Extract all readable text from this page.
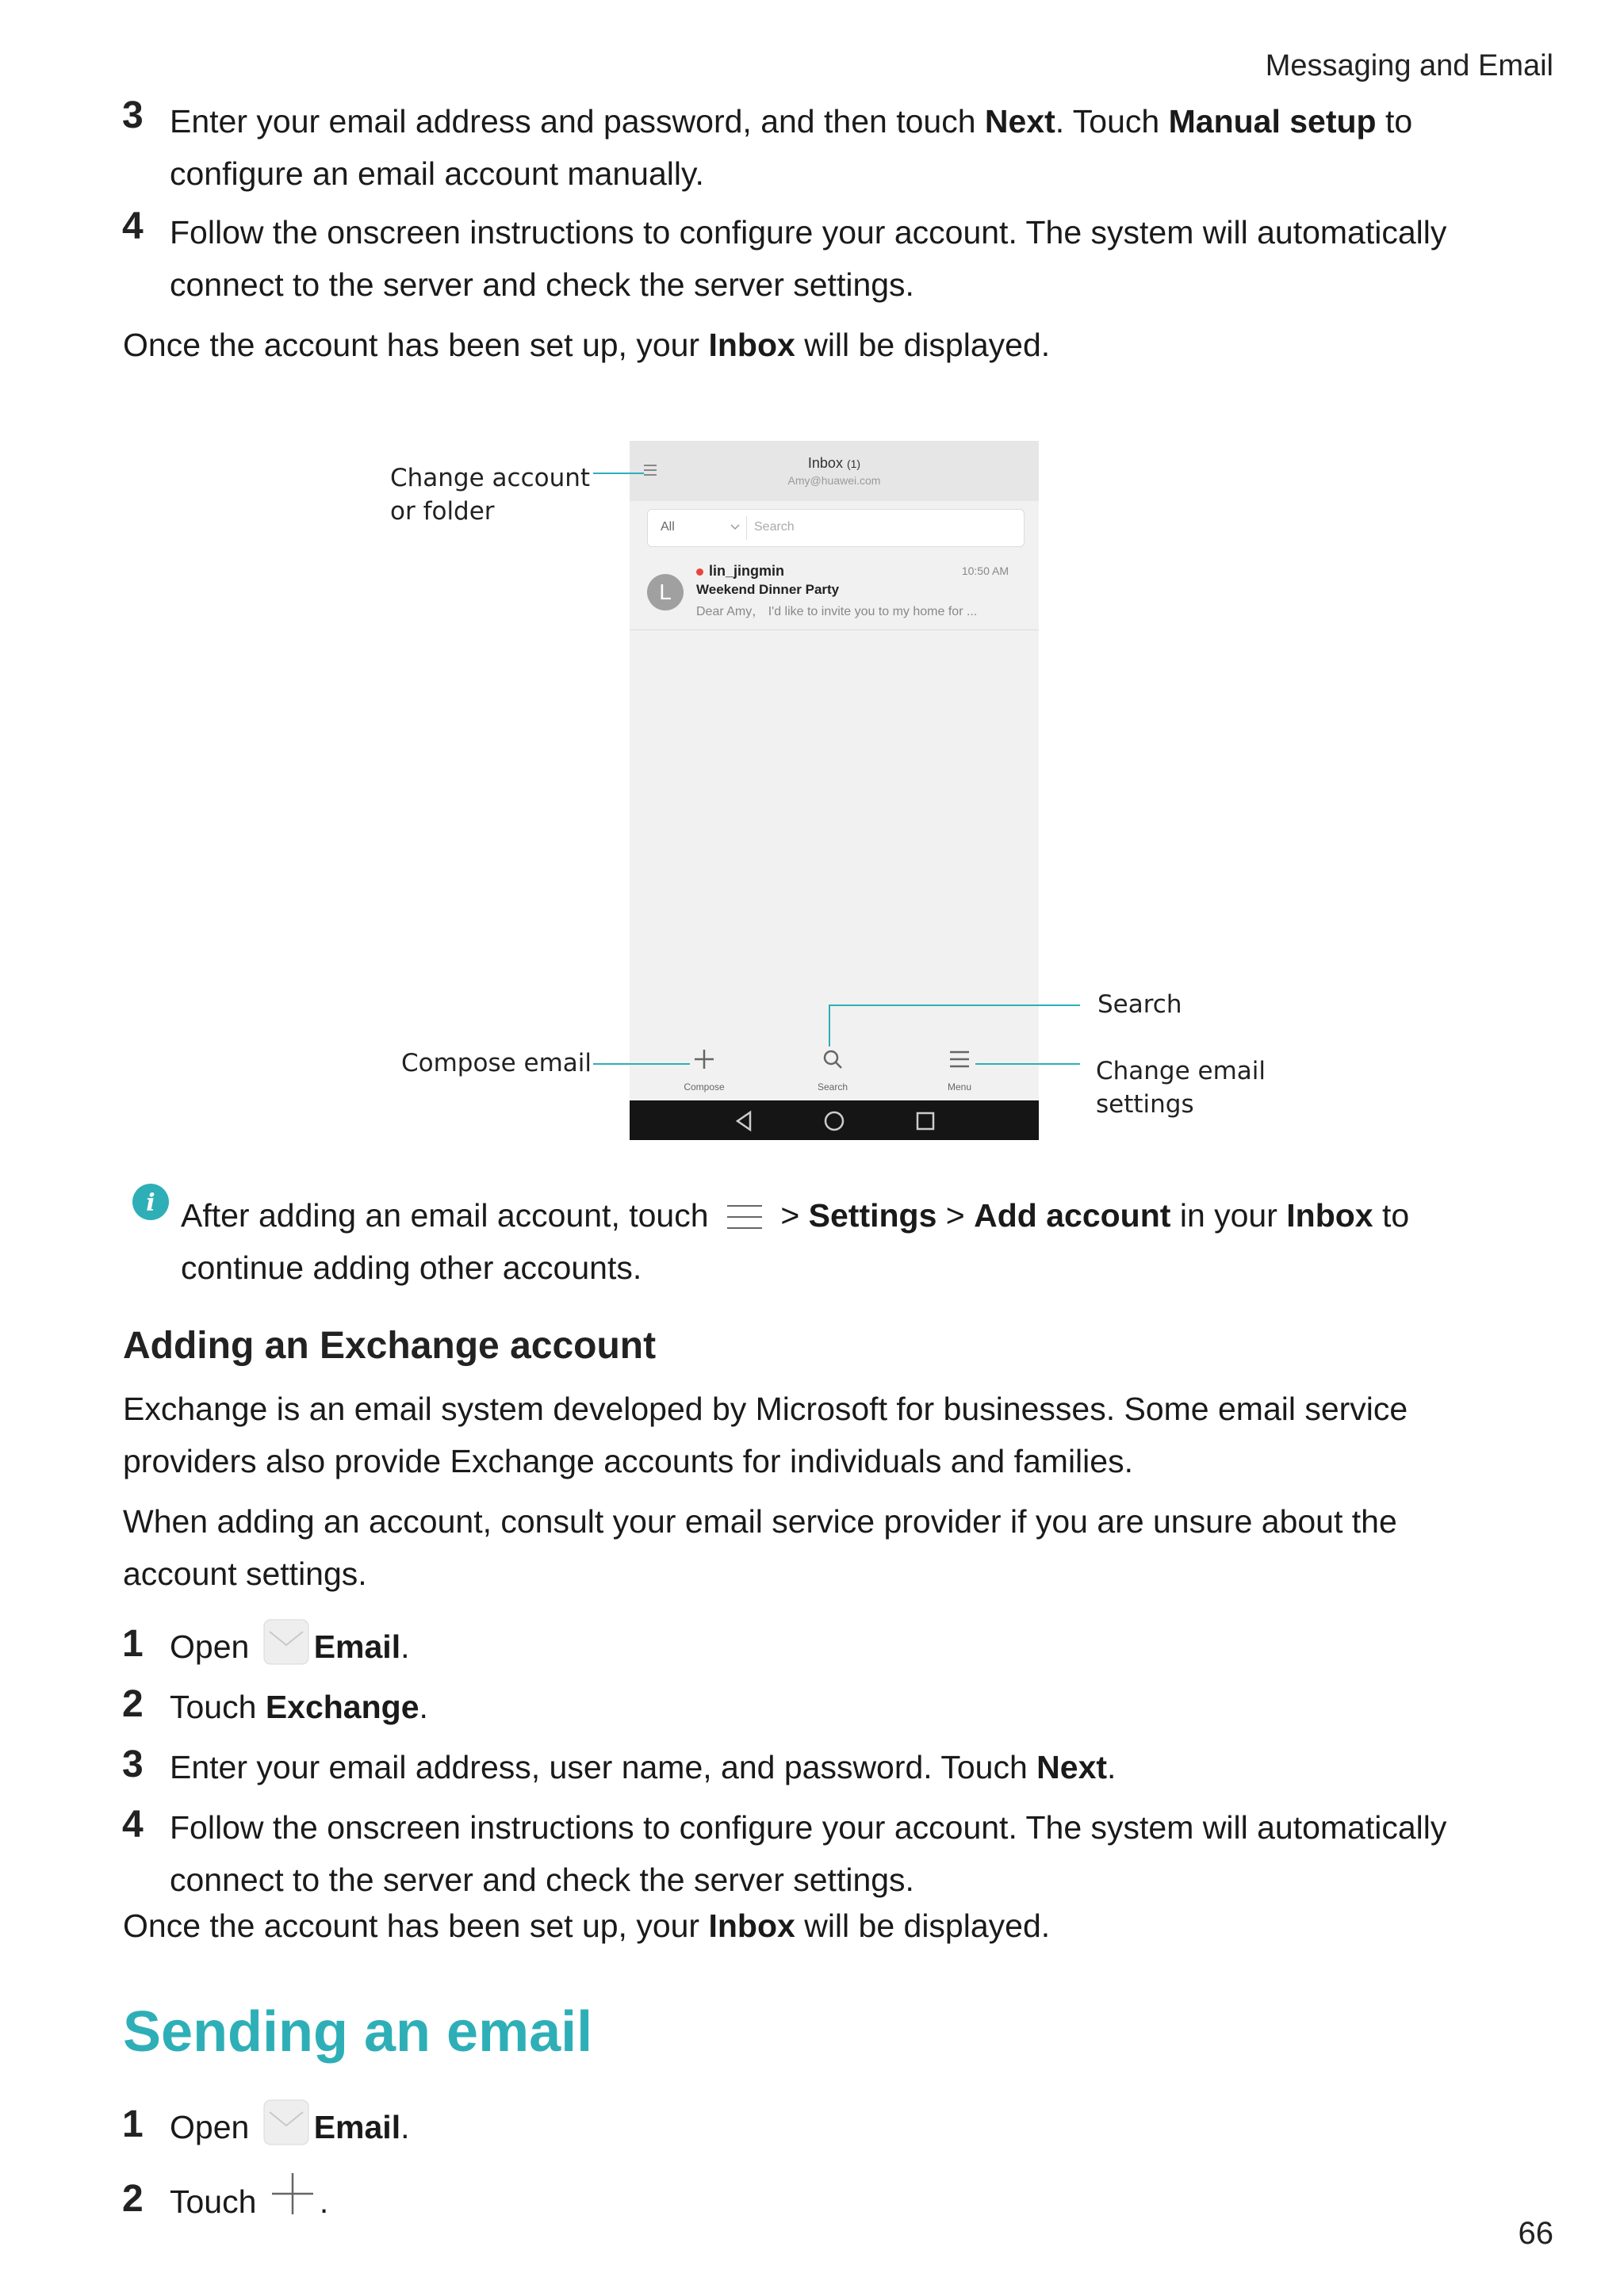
Messaging and Email
3 Enter your email address and password, and then touch Next. Touch Manual setup to
configure an email account manually.
4 Follow the onscreen instructions to configure your account. The system will automatically
connect to the server and check the server settings.
Once the account has been set up, your Inbox will be displayed.
Inbox (1)
Amy@huawei.com
All	Search
L
lin_jingmin	10:50 AM
Weekend Dinner Party
Dear Amy， I'd like to invite you to my home for ...
Compose	Search	Menu
Change account
or folder
Search
Compose email	Change email
settings
i After adding an email account, touch  > Settings > Add account in your Inbox to
continue adding other accounts.
Adding an Exchange account
Exchange is an email system developed by Microsoft for businesses. Some email service
providers also provide Exchange accounts for individuals and families.
When adding an account, consult your email service provider if you are unsure about the
account settings.
1 Open Email.
2 Touch Exchange.
3 Enter your email address, user name, and password. Touch Next.
4 Follow the onscreen instructions to configure your account. The system will automatically
connect to the server and check the server settings.
Once the account has been set up, your Inbox will be displayed.
Sending an email
1 Open Email.
2 Touch .
66
